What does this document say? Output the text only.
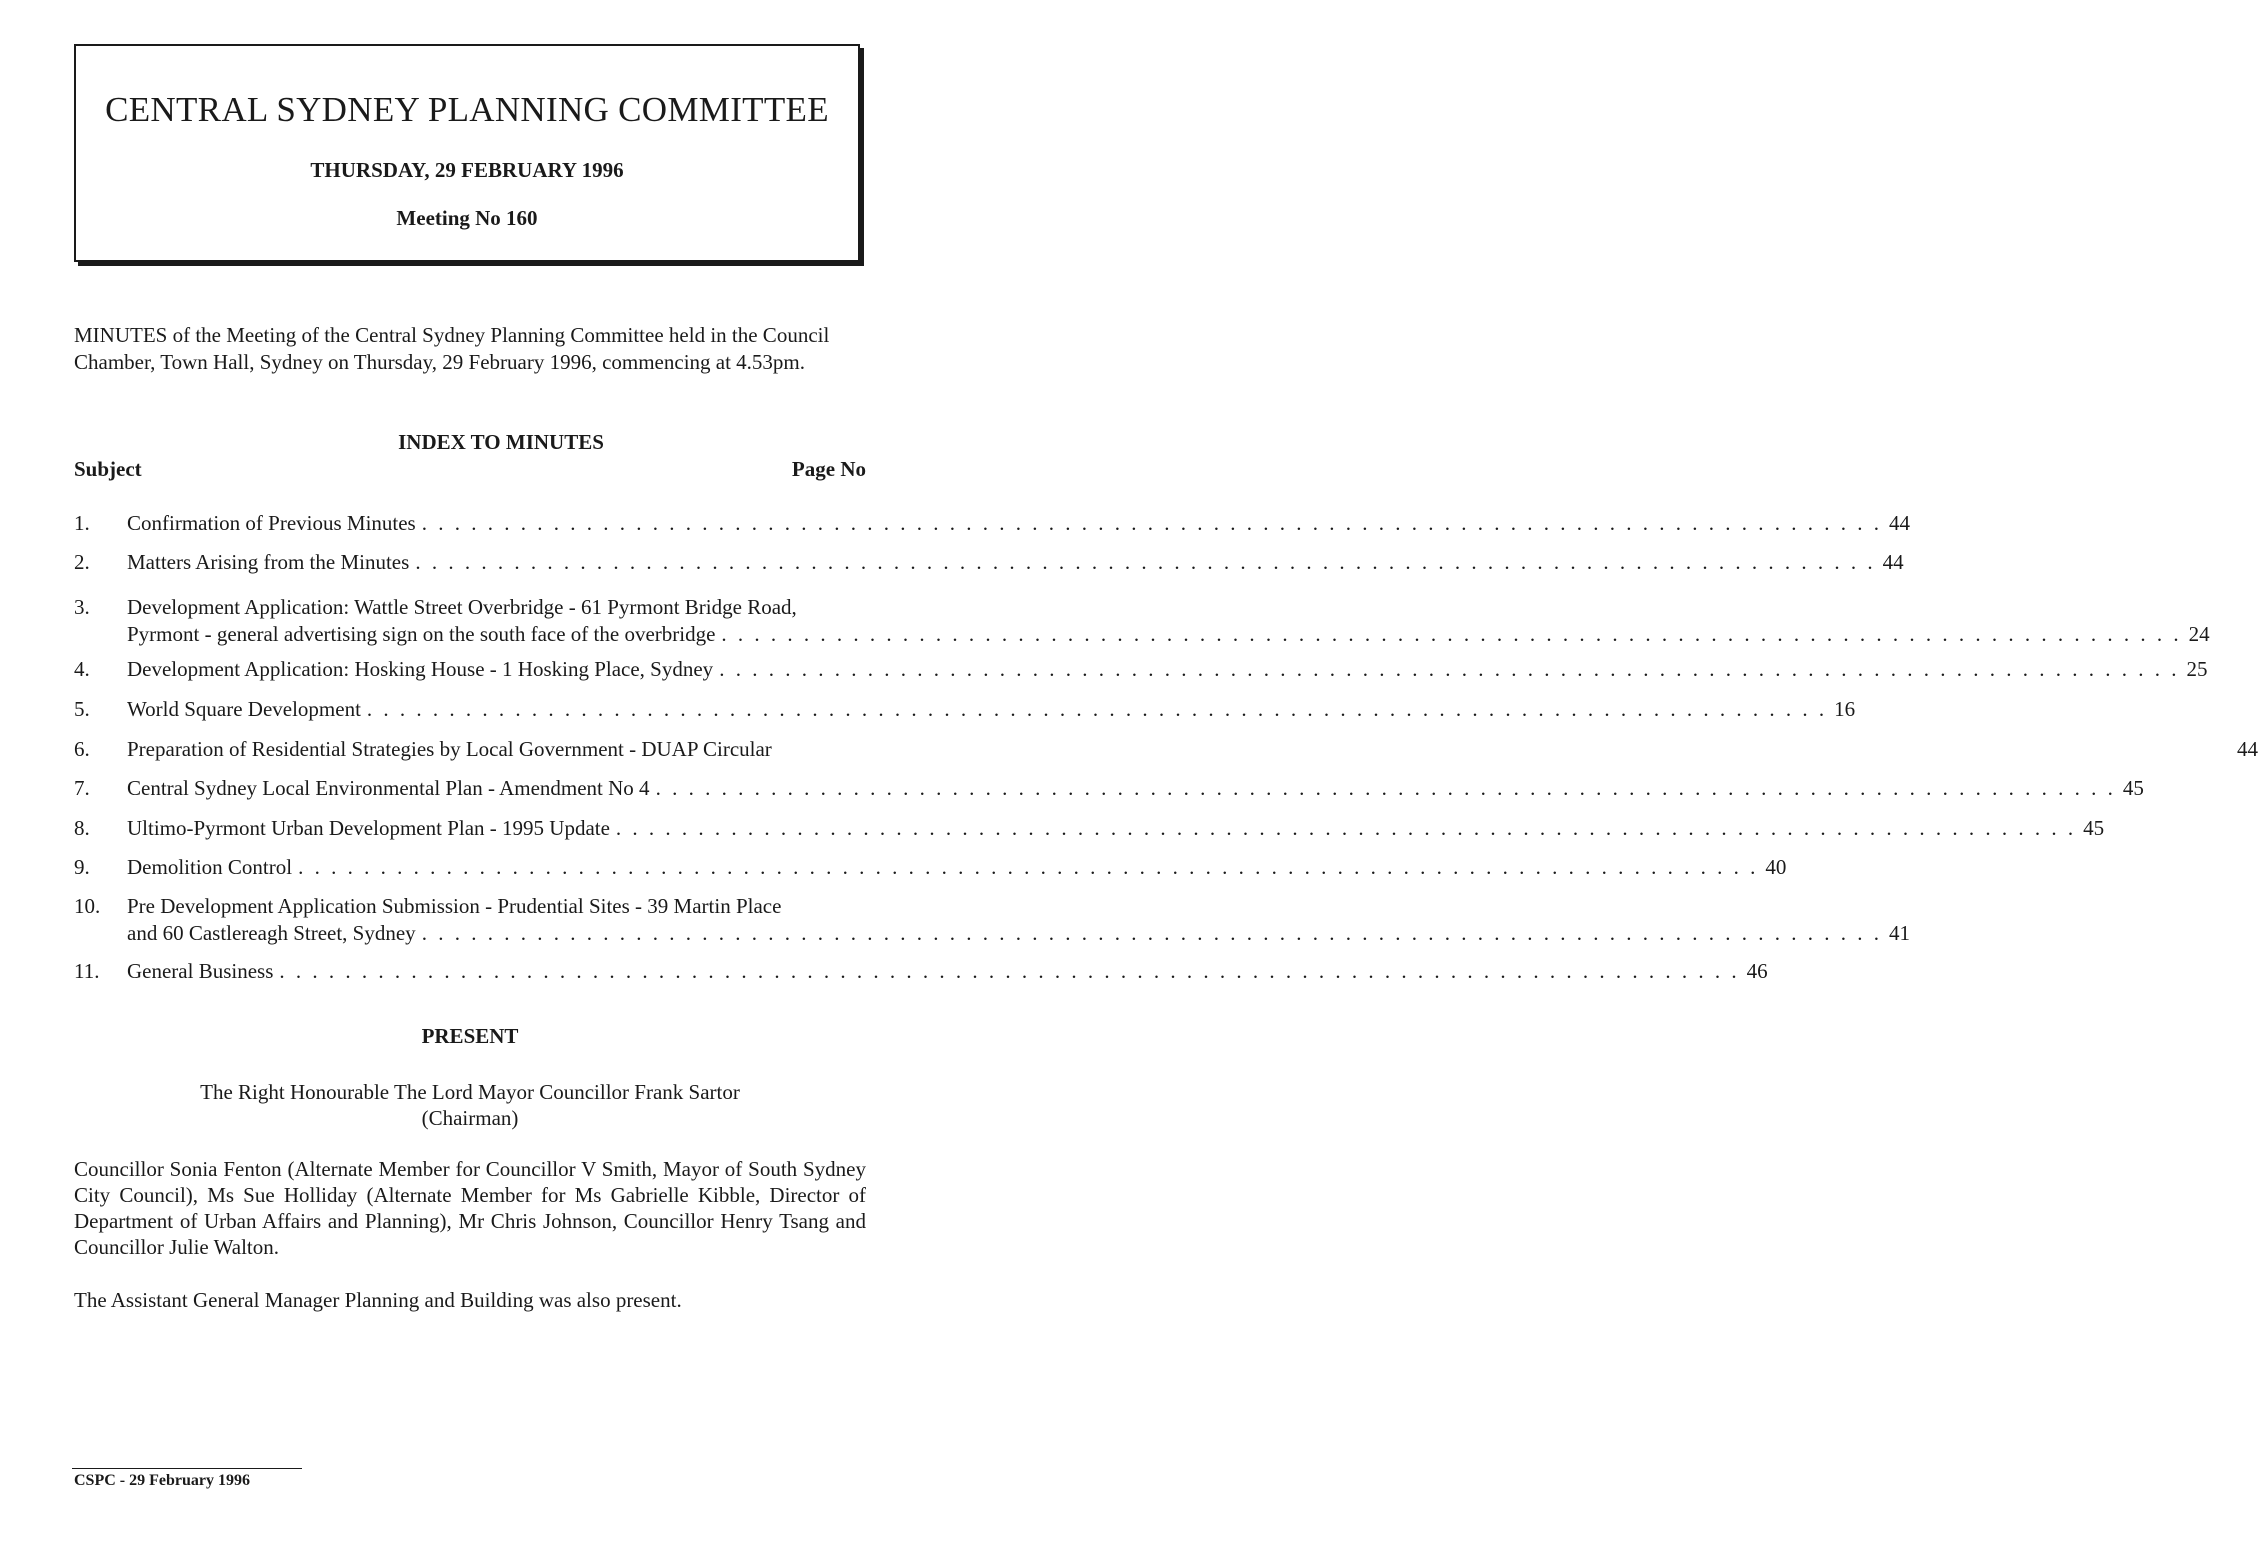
CENTRAL SYDNEY PLANNING COMMITTEE
THURSDAY, 29 FEBRUARY 1996
Meeting No 160

MINUTES of the Meeting of the Central Sydney Planning Committee held in the Council Chamber, Town Hall, Sydney on Thursday, 29 February 1996, commencing at 4.53pm.

INDEX TO MINUTES
Subject	Page No
1. Confirmation of Previous Minutes . . .	44
2. Matters Arising from the Minutes . . .	44
3. Development Application: Wattle Street Overbridge - 61 Pyrmont Bridge Road,
Pyrmont - general advertising sign on the south face of the overbridge . . .	24
4. Development Application: Hosking House - 1 Hosking Place, Sydney . . .	25
5. World Square Development . . .	16
6. Preparation of Residential Strategies by Local Government - DUAP Circular	44
7. Central Sydney Local Environmental Plan - Amendment No 4 . . .	45
8. Ultimo-Pyrmont Urban Development Plan - 1995 Update . . .	45
9. Demolition Control . . .	40
10. Pre Development Application Submission - Prudential Sites - 39 Martin Place
and 60 Castlereagh Street, Sydney . . .	41
11. General Business . . .	46
PRESENT
The Right Honourable The Lord Mayor Councillor Frank Sartor
(Chairman)

Councillor Sonia Fenton (Alternate Member for Councillor V Smith, Mayor of South Sydney City Council), Ms Sue Holliday (Alternate Member for Ms Gabrielle Kibble, Director of Department of Urban Affairs and Planning), Mr Chris Johnson, Councillor Henry Tsang and Councillor Julie Walton.

The Assistant General Manager Planning and Building was also present.

CSPC - 29 February 1996
